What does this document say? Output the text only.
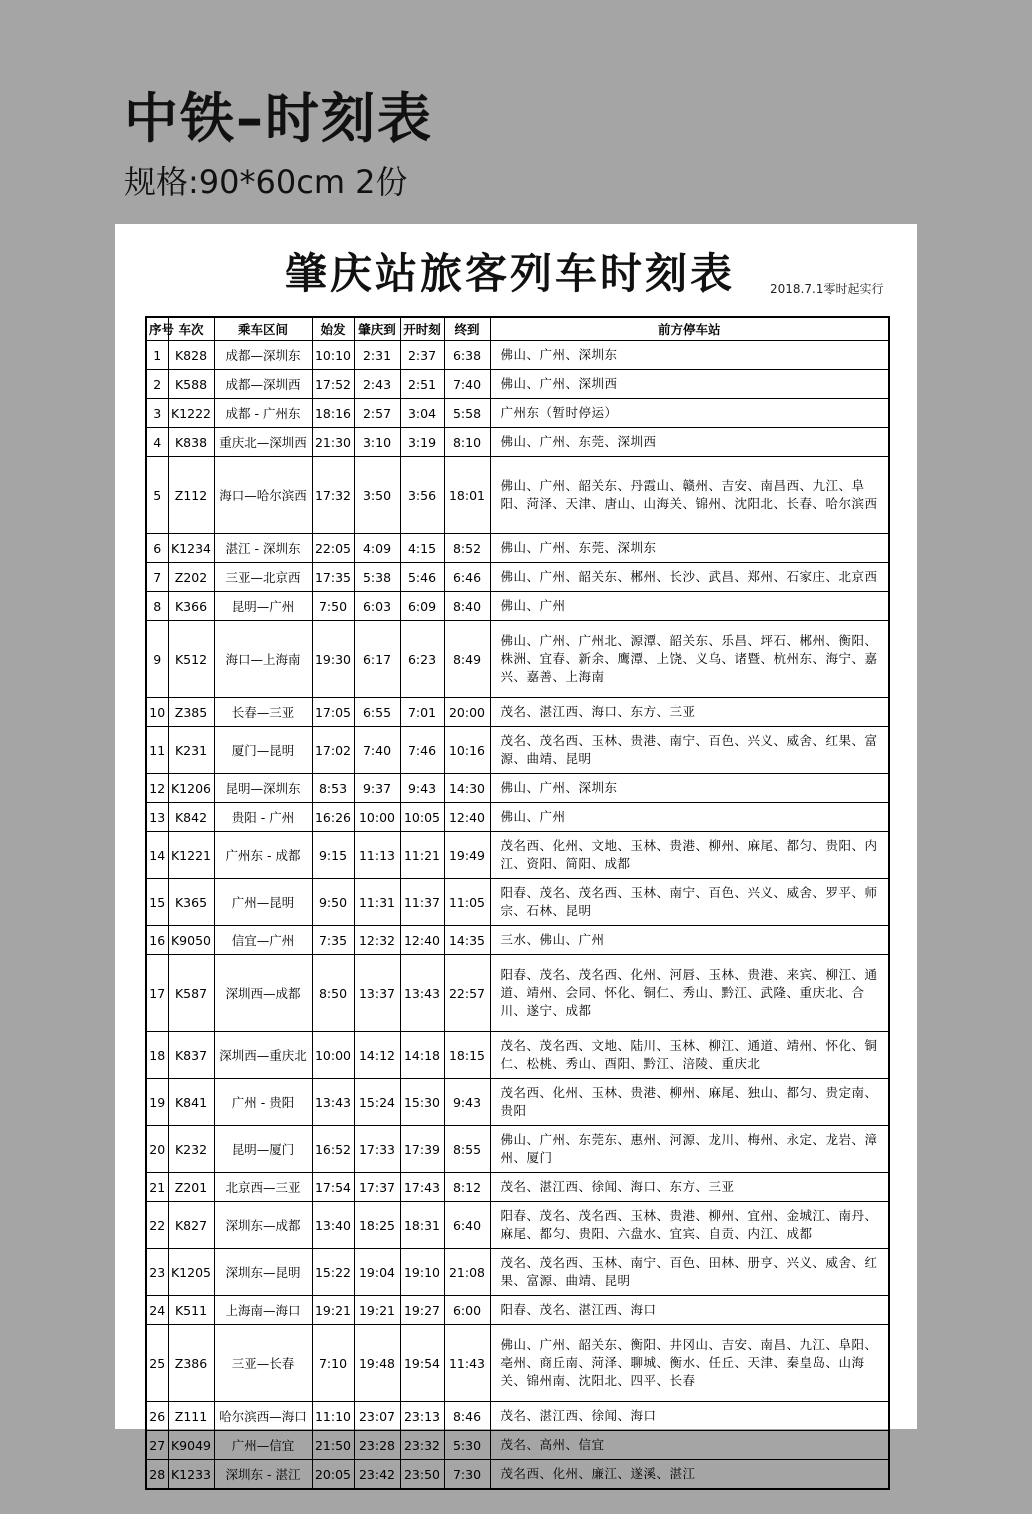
中铁–时刻表
规格:90*60cm 2份
肇庆站旅客列车时刻表	2018.7.1零时起实行
序号	车次	乘车区间	始发	肇庆到	开时刻	终到	前方停车站
1	K828	成都—深圳东	10:10	2:31	2:37	6:38	佛山、广州、深圳东
2	K588	成都—深圳西	17:52	2:43	2:51	7:40	佛山、广州、深圳西
3	K1222	成都 - 广州东	18:16	2:57	3:04	5:58	广州东（暂时停运）
4	K838	重庆北—深圳西	21:30	3:10	3:19	8:10	佛山、广州、东莞、深圳西
5	Z112	海口—哈尔滨西	17:32	3:50	3:56	18:01	佛山、广州、韶关东、丹霞山、赣州、吉安、南昌西、九江、阜阳、菏泽、天津、唐山、山海关、锦州、沈阳北、长春、哈尔滨西
6	K1234	湛江 - 深圳东	22:05	4:09	4:15	8:52	佛山、广州、东莞、深圳东
7	Z202	三亚—北京西	17:35	5:38	5:46	6:46	佛山、广州、韶关东、郴州、长沙、武昌、郑州、石家庄、北京西
8	K366	昆明—广州	7:50	6:03	6:09	8:40	佛山、广州
9	K512	海口—上海南	19:30	6:17	6:23	8:49	佛山、广州、广州北、源潭、韶关东、乐昌、坪石、郴州、衡阳、株洲、宜春、新余、鹰潭、上饶、义乌、诸暨、杭州东、海宁、嘉兴、嘉善、上海南
10	Z385	长春—三亚	17:05	6:55	7:01	20:00	茂名、湛江西、海口、东方、三亚
11	K231	厦门—昆明	17:02	7:40	7:46	10:16	茂名、茂名西、玉林、贵港、南宁、百色、兴义、威舍、红果、富源、曲靖、昆明
12	K1206	昆明—深圳东	8:53	9:37	9:43	14:30	佛山、广州、深圳东
13	K842	贵阳 - 广州	16:26	10:00	10:05	12:40	佛山、广州
14	K1221	广州东 - 成都	9:15	11:13	11:21	19:49	茂名西、化州、文地、玉林、贵港、柳州、麻尾、都匀、贵阳、内江、资阳、简阳、成都
15	K365	广州—昆明	9:50	11:31	11:37	11:05	阳春、茂名、茂名西、玉林、南宁、百色、兴义、威舍、罗平、师宗、石林、昆明
16	K9050	信宜—广州	7:35	12:32	12:40	14:35	三水、佛山、广州
17	K587	深圳西—成都	8:50	13:37	13:43	22:57	阳春、茂名、茂名西、化州、河唇、玉林、贵港、来宾、柳江、通道、靖州、会同、怀化、铜仁、秀山、黔江、武隆、重庆北、合川、遂宁、成都
18	K837	深圳西—重庆北	10:00	14:12	14:18	18:15	茂名、茂名西、文地、陆川、玉林、柳江、通道、靖州、怀化、铜仁、松桃、秀山、酉阳、黔江、涪陵、重庆北
19	K841	广州 - 贵阳	13:43	15:24	15:30	9:43	茂名西、化州、玉林、贵港、柳州、麻尾、独山、都匀、贵定南、贵阳
20	K232	昆明—厦门	16:52	17:33	17:39	8:55	佛山、广州、东莞东、惠州、河源、龙川、梅州、永定、龙岩、漳州、厦门
21	Z201	北京西—三亚	17:54	17:37	17:43	8:12	茂名、湛江西、徐闻、海口、东方、三亚
22	K827	深圳东—成都	13:40	18:25	18:31	6:40	阳春、茂名、茂名西、玉林、贵港、柳州、宜州、金城江、南丹、麻尾、都匀、贵阳、六盘水、宜宾、自贡、内江、成都
23	K1205	深圳东—昆明	15:22	19:04	19:10	21:08	茂名、茂名西、玉林、南宁、百色、田林、册亨、兴义、威舍、红果、富源、曲靖、昆明
24	K511	上海南—海口	19:21	19:21	19:27	6:00	阳春、茂名、湛江西、海口
25	Z386	三亚—长春	7:10	19:48	19:54	11:43	佛山、广州、韶关东、衡阳、井冈山、吉安、南昌、九江、阜阳、亳州、商丘南、菏泽、聊城、衡水、任丘、天津、秦皇岛、山海关、锦州南、沈阳北、四平、长春
26	Z111	哈尔滨西—海口	11:10	23:07	23:13	8:46	茂名、湛江西、徐闻、海口
27	K9049	广州—信宜	21:50	23:28	23:32	5:30	茂名、高州、信宜
28	K1233	深圳东 - 湛江	20:05	23:42	23:50	7:30	茂名西、化州、廉江、遂溪、湛江
